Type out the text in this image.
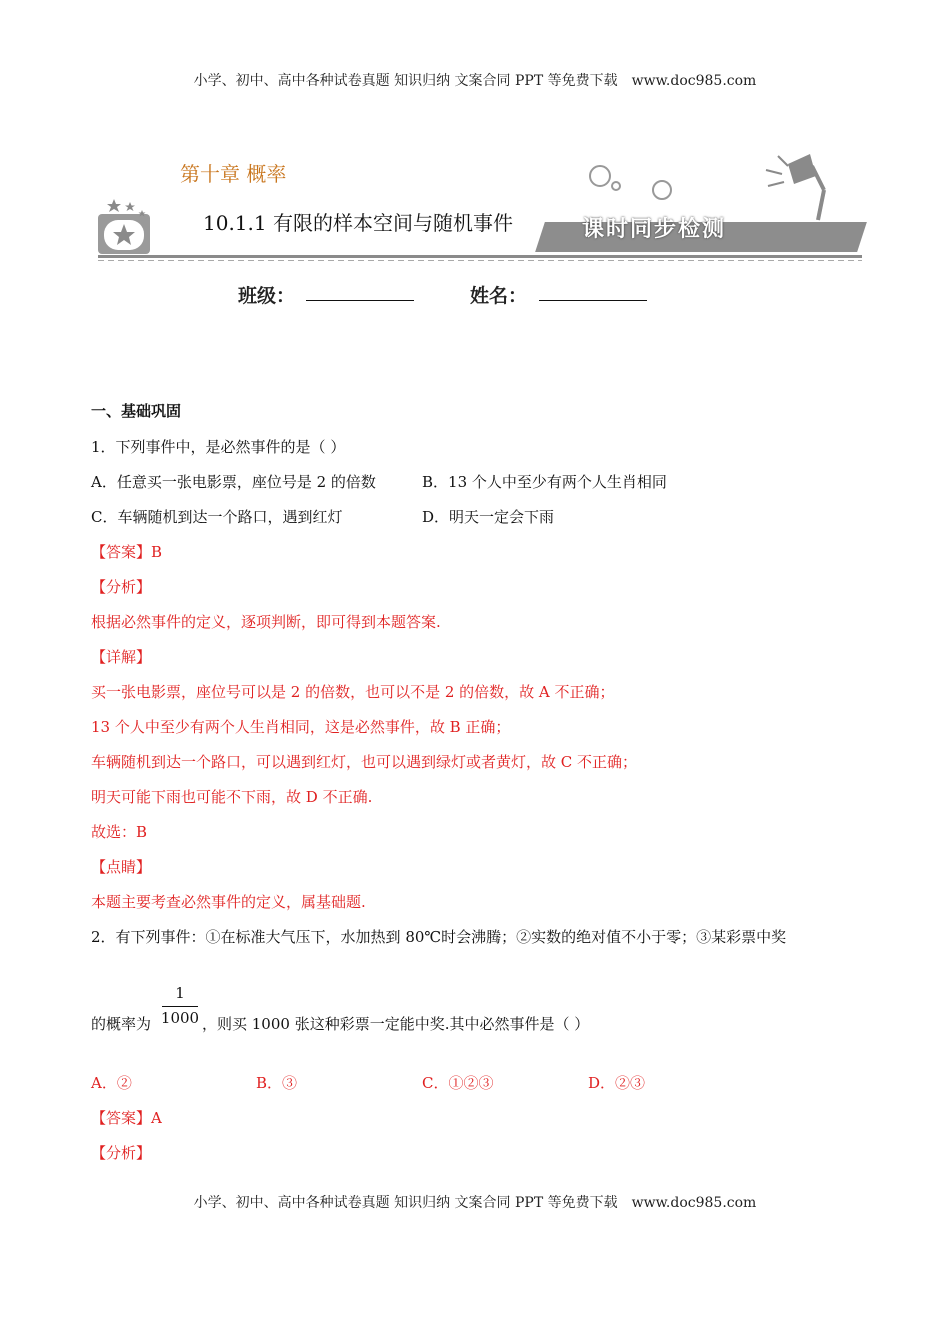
小学、初中、高中各种试卷真题 知识归纳 文案合同 PPT 等免费下载 www.doc985.com
第十章 概率
10.1.1 有限的样本空间与随机事件	课时同步检测
班级：	姓名：
一、基础巩固
1．下列事件中，是必然事件的是（ ）
A．任意买一张电影票，座位号是 2 的倍数	B．13 个人中至少有两个人生肖相同
C．车辆随机到达一个路口，遇到红灯	D．明天一定会下雨
【答案】B
【分析】
根据必然事件的定义，逐项判断，即可得到本题答案.
【详解】
买一张电影票，座位号可以是 2 的倍数，也可以不是 2 的倍数，故 A 不正确；
13 个人中至少有两个人生肖相同，这是必然事件，故 B 正确；
车辆随机到达一个路口，可以遇到红灯，也可以遇到绿灯或者黄灯，故 C 不正确；
明天可能下雨也可能不下雨，故 D 不正确.
故选：B
【点睛】
本题主要考查必然事件的定义，属基础题.
2．有下列事件：①在标准大气压下，水加热到 80℃时会沸腾；②实数的绝对值不小于零；③某彩票中奖
的概率为
1
1000 ，则买 1000 张这种彩票一定能中奖.其中必然事件是（ ）
A．②	B．③	C．①②③	D．②③
【答案】A
【分析】
小学、初中、高中各种试卷真题 知识归纳 文案合同 PPT 等免费下载 www.doc985.com
